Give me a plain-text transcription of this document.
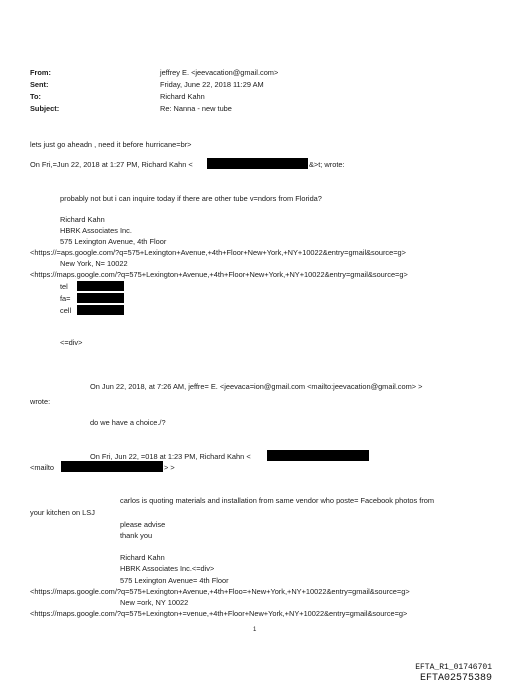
From:	jeffrey E. <jeevacation@gmail.com>
Sent:	Friday, June 22, 2018 11:29 AM
To:	Richard Kahn
Subject:	Re: Nanna - new tube
lets just go aheadn , need it before hurricane=br>
On Fri,=Jun 22, 2018 at 1:27 PM, Richard Kahn <	&>t; wrote:
probably not but i can inquire today if there are other tube v=ndors from Florida?
Richard Kahn
HBRK Associates Inc.
575 Lexington Avenue, 4th Floor
<https://=aps.google.com/?q=575+Lexington+Avenue,+4th+Floor+New+York,+NY+10022&entry=gmail&source=g>
New York, N= 10022
<https://maps.google.com/?q=575+Lexington+Avenue,+4th+Floor+New+York,+NY+10022&entry=gmail&source=g>
tel
fa=
cell
<=div>
On Jun 22, 2018, at 7:26 AM, jeffre= E. <jeevaca=ion@gmail.com <mailto:jeevacation@gmail.com> >
wrote:
do we have a choice./?
On Fri, Jun 22, =018 at 1:23 PM, Richard Kahn <
<mailto	> >
carlos is quoting materials and installation from same vendor who poste= Facebook photos from
your kitchen on LSJ
please advise
thank you
Richard Kahn
HBRK Associates Inc.<=div>
575 Lexington Avenue= 4th Floor
<https://maps.google.com/?q=575+Lexington+Avenue,+4th+Floo=+New+York,+NY+10022&entry=gmail&source=g>
New =ork, NY 10022
<https://maps.google.com/?q=575+Lexington+=venue,+4th+Floor+New+York,+NY+10022&entry=gmail&source=g>
1
EFTA_R1_01746701
EFTA02575389
